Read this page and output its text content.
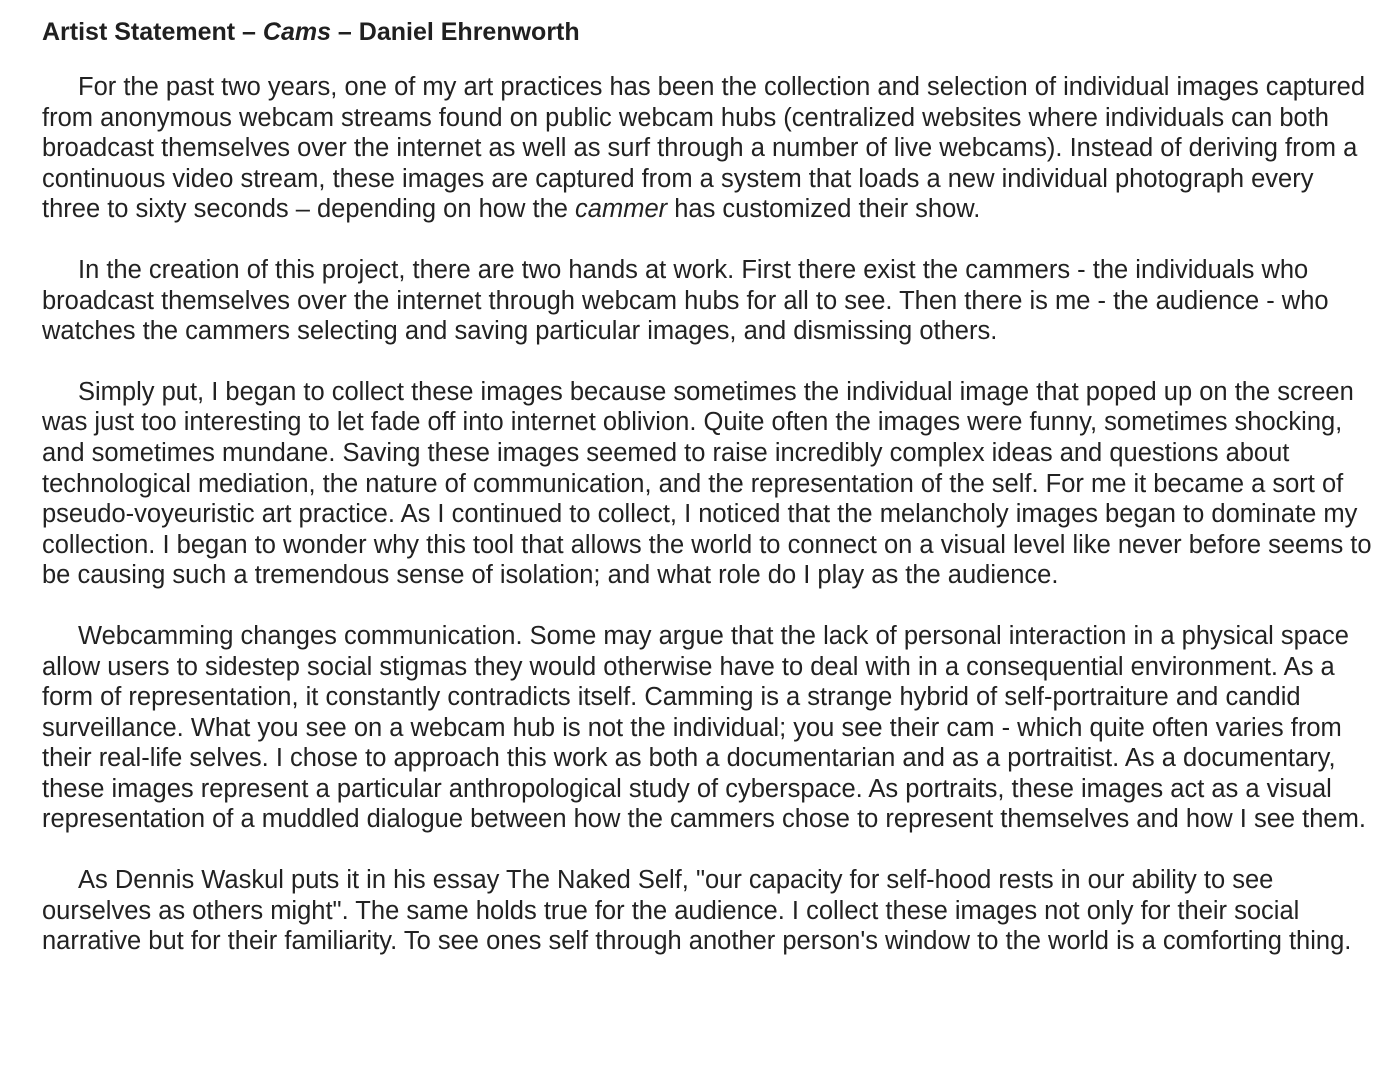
Artist Statement – Cams – Daniel Ehrenworth

For the past two years, one of my art practices has been the collection and selection of individual images captured from anonymous webcam streams found on public webcam hubs (centralized websites where individuals can both broadcast themselves over the internet as well as surf through a number of live webcams). Instead of deriving from a continuous video stream, these images are captured from a system that loads a new individual photograph every three to sixty seconds – depending on how the cammer has customized their show.

In the creation of this project, there are two hands at work. First there exist the cammers - the individuals who broadcast themselves over the internet through webcam hubs for all to see. Then there is me - the audience - who watches the cammers selecting and saving particular images, and dismissing others.

Simply put, I began to collect these images because sometimes the individual image that poped up on the screen was just too interesting to let fade off into internet oblivion. Quite often the images were funny, sometimes shocking, and sometimes mundane. Saving these images seemed to raise incredibly complex ideas and questions about technological mediation, the nature of communication, and the representation of the self. For me it became a sort of pseudo-voyeuristic art practice. As I continued to collect, I noticed that the melancholy images began to dominate my collection. I began to wonder why this tool that allows the world to connect on a visual level like never before seems to be causing such a tremendous sense of isolation; and what role do I play as the audience.

Webcamming changes communication. Some may argue that the lack of personal interaction in a physical space allow users to sidestep social stigmas they would otherwise have to deal with in a consequential environment. As a form of representation, it constantly contradicts itself. Camming is a strange hybrid of self-portraiture and candid surveillance. What you see on a webcam hub is not the individual; you see their cam - which quite often varies from their real-life selves. I chose to approach this work as both a documentarian and as a portraitist. As a documentary, these images represent a particular anthropological study of cyberspace. As portraits, these images act as a visual representation of a muddled dialogue between how the cammers chose to represent themselves and how I see them.

As Dennis Waskul puts it in his essay The Naked Self, "our capacity for self-hood rests in our ability to see ourselves as others might". The same holds true for the audience. I collect these images not only for their social narrative but for their familiarity. To see ones self through another person's window to the world is a comforting thing.
